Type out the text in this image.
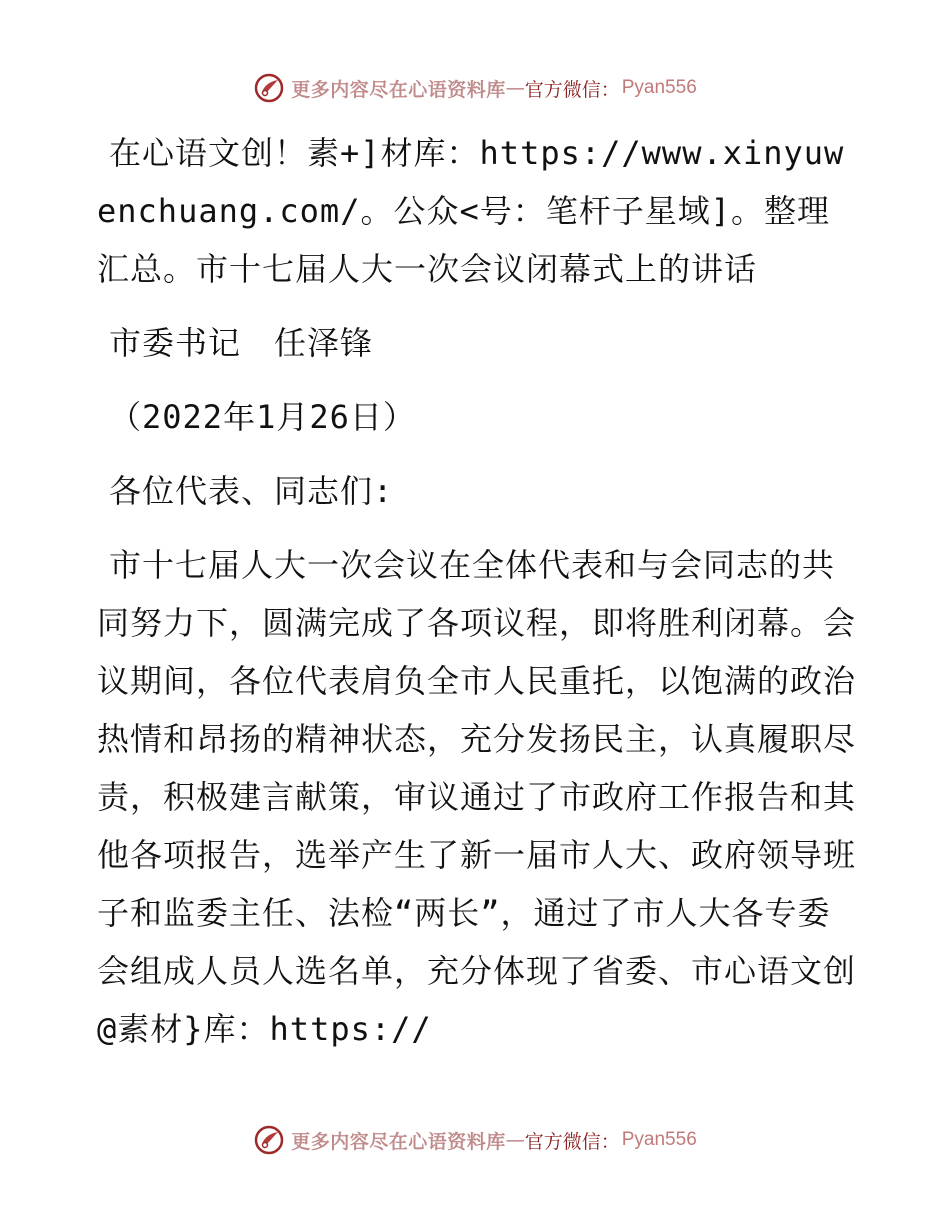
更多内容尽在心语资料库 — 官方微信： Pyan556

在心语文创！素+]材库：https://www.xinyuwenchuang.com/。公众<号：笔杆子星域]。整理汇总。市十七届人大一次会议闭幕式上的讲话

市委书记　任泽锋

（2022年1月26日）

各位代表、同志们:

市十七届人大一次会议在全体代表和与会同志的共同努力下，圆满完成了各项议程，即将胜利闭幕。会议期间，各位代表肩负全市人民重托，以饱满的政治热情和昂扬的精神状态，充分发扬民主，认真履职尽责，积极建言献策，审议通过了市政府工作报告和其他各项报告，选举产生了新一届市人大、政府领导班子和监委主任、法检“两长”，通过了市人大各专委会组成人员人选名单，充分体现了省委、市心语文创@素材}库：https://

更多内容尽在心语资料库 — 官方微信： Pyan556
